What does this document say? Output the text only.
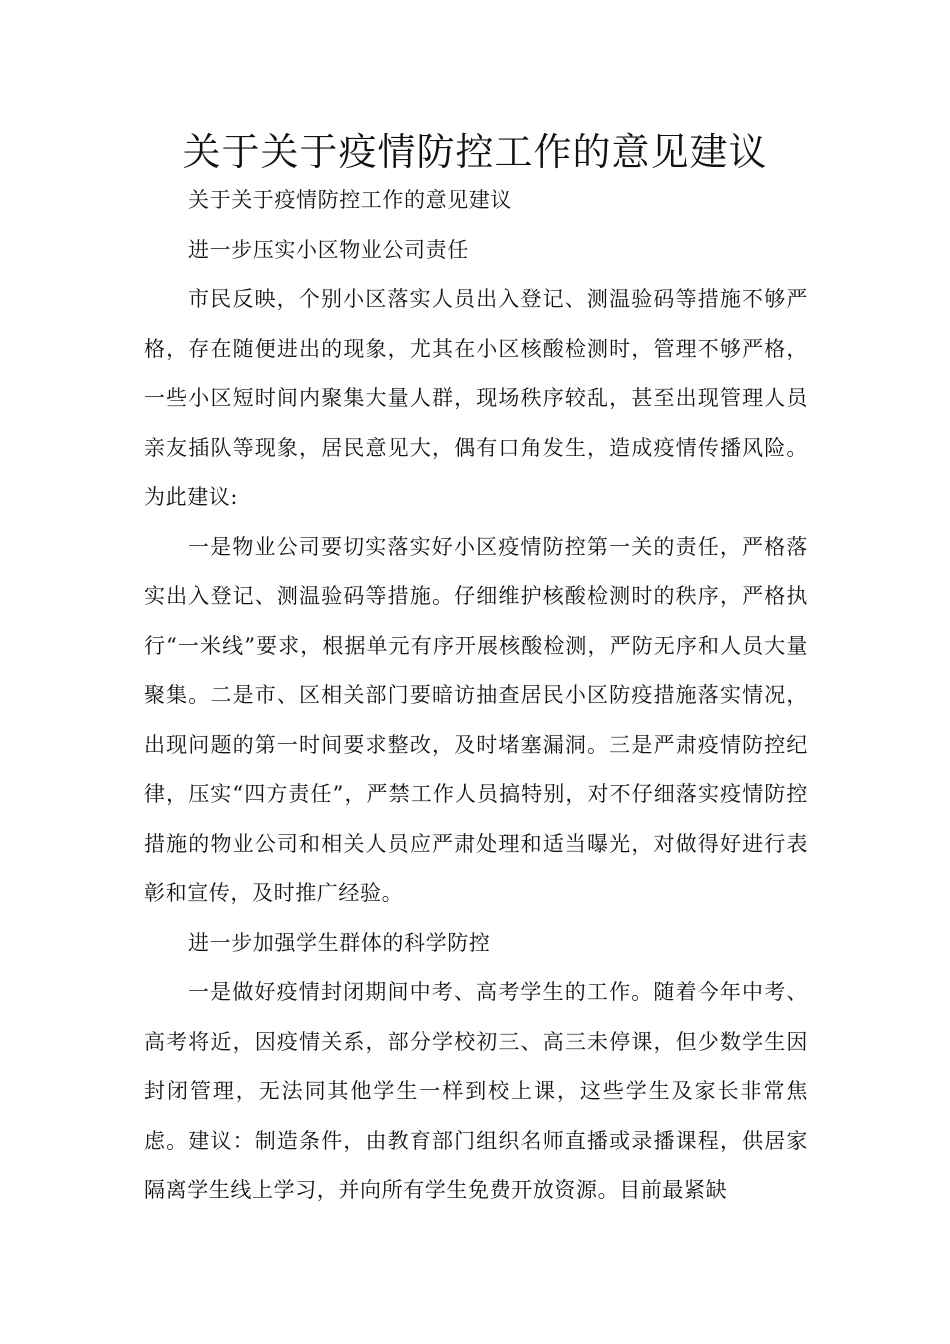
关于关于疫情防控工作的意见建议

关于关于疫情防控工作的意见建议

进一步压实小区物业公司责任

市民反映，个别小区落实人员出入登记、测温验码等措施不够严格，存在随便进出的现象，尤其在小区核酸检测时，管理不够严格，一些小区短时间内聚集大量人群，现场秩序较乱，甚至出现管理人员亲友插队等现象，居民意见大，偶有口角发生，造成疫情传播风险。为此建议:

一是物业公司要切实落实好小区疫情防控第一关的责任，严格落实出入登记、测温验码等措施。仔细维护核酸检测时的秩序，严格执行“一米线”要求，根据单元有序开展核酸检测，严防无序和人员大量聚集。二是市、区相关部门要暗访抽查居民小区防疫措施落实情况，出现问题的第一时间要求整改，及时堵塞漏洞。三是严肃疫情防控纪律，压实“四方责任”，严禁工作人员搞特别，对不仔细落实疫情防控措施的物业公司和相关人员应严肃处理和适当曝光，对做得好进行表彰和宣传，及时推广经验。

进一步加强学生群体的科学防控

一是做好疫情封闭期间中考、高考学生的工作。随着今年中考、高考将近，因疫情关系，部分学校初三、高三未停课，但少数学生因封闭管理，无法同其他学生一样到校上课，这些学生及家长非常焦虑。建议：制造条件，由教育部门组织名师直播或录播课程，供居家隔离学生线上学习，并向所有学生免费开放资源。目前最紧缺
